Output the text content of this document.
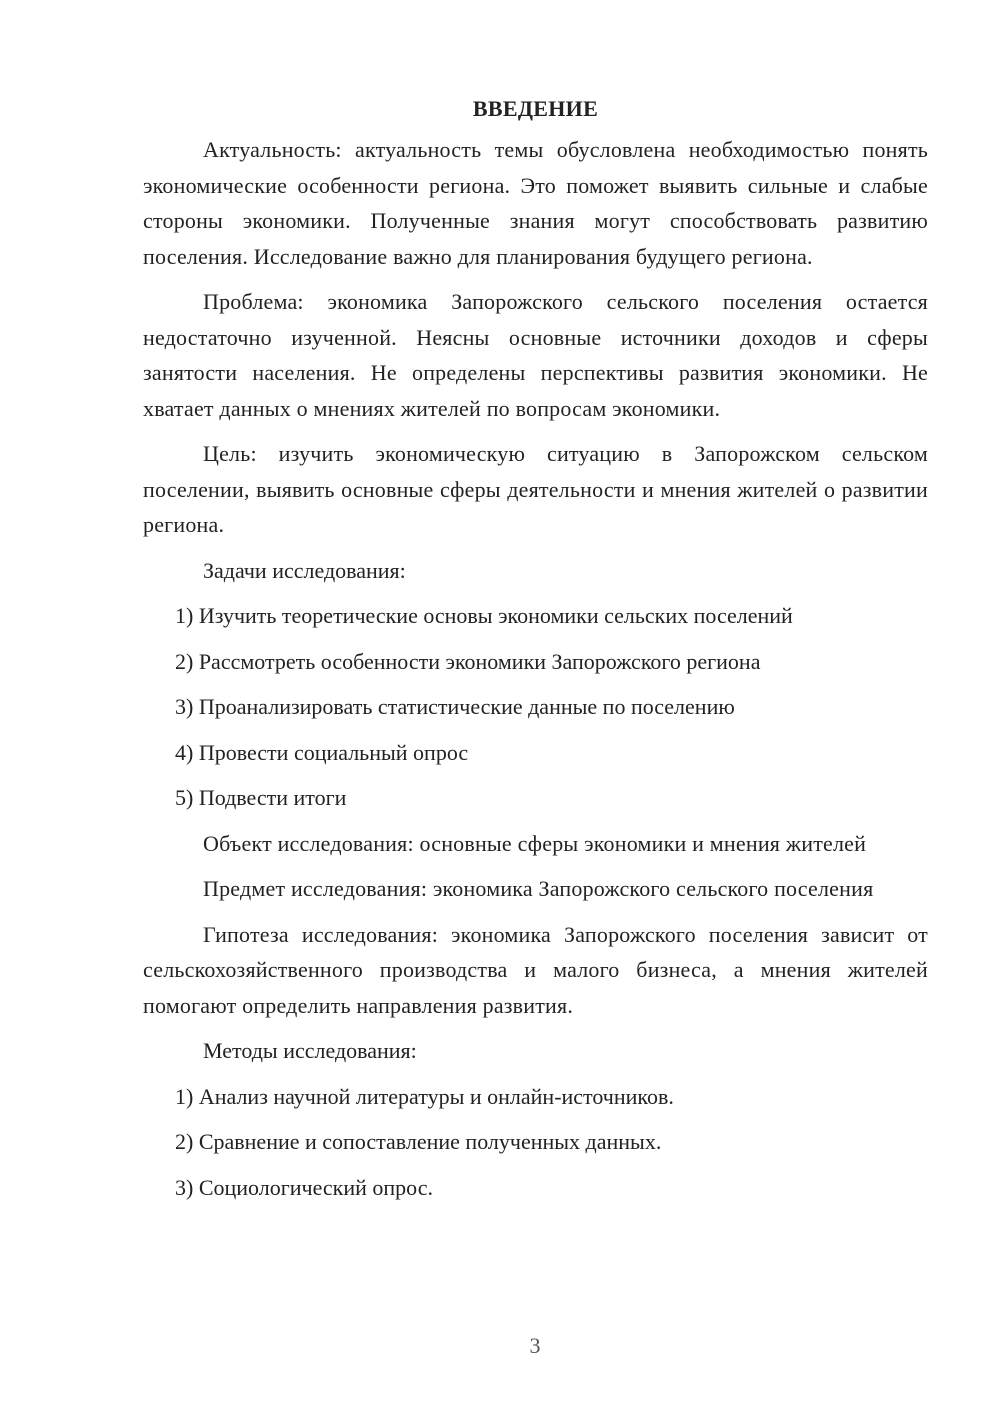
ВВЕДЕНИЕ

Актуальность: актуальность темы обусловлена необходимостью понять экономические особенности региона. Это поможет выявить сильные и слабые стороны экономики. Полученные знания могут способствовать развитию поселения. Исследование важно для планирования будущего региона.

Проблема: экономика Запорожского сельского поселения остается недостаточно изученной. Неясны основные источники доходов и сферы занятости населения. Не определены перспективы развития экономики. Не хватает данных о мнениях жителей по вопросам экономики.

Цель: изучить экономическую ситуацию в Запорожском сельском поселении, выявить основные сферы деятельности и мнения жителей о развитии региона.

Задачи исследования:

1) Изучить теоретические основы экономики сельских поселений
2) Рассмотреть особенности экономики Запорожского региона
3) Проанализировать статистические данные по поселению
4) Провести социальный опрос
5) Подвести итоги

Объект исследования: основные сферы экономики и мнения жителей

Предмет исследования: экономика Запорожского сельского поселения

Гипотеза исследования: экономика Запорожского поселения зависит от сельскохозяйственного производства и малого бизнеса, а мнения жителей помогают определить направления развития.

Методы исследования:

1) Анализ научной литературы и онлайн-источников.
2) Сравнение и сопоставление полученных данных.
3) Социологический опрос.
3
